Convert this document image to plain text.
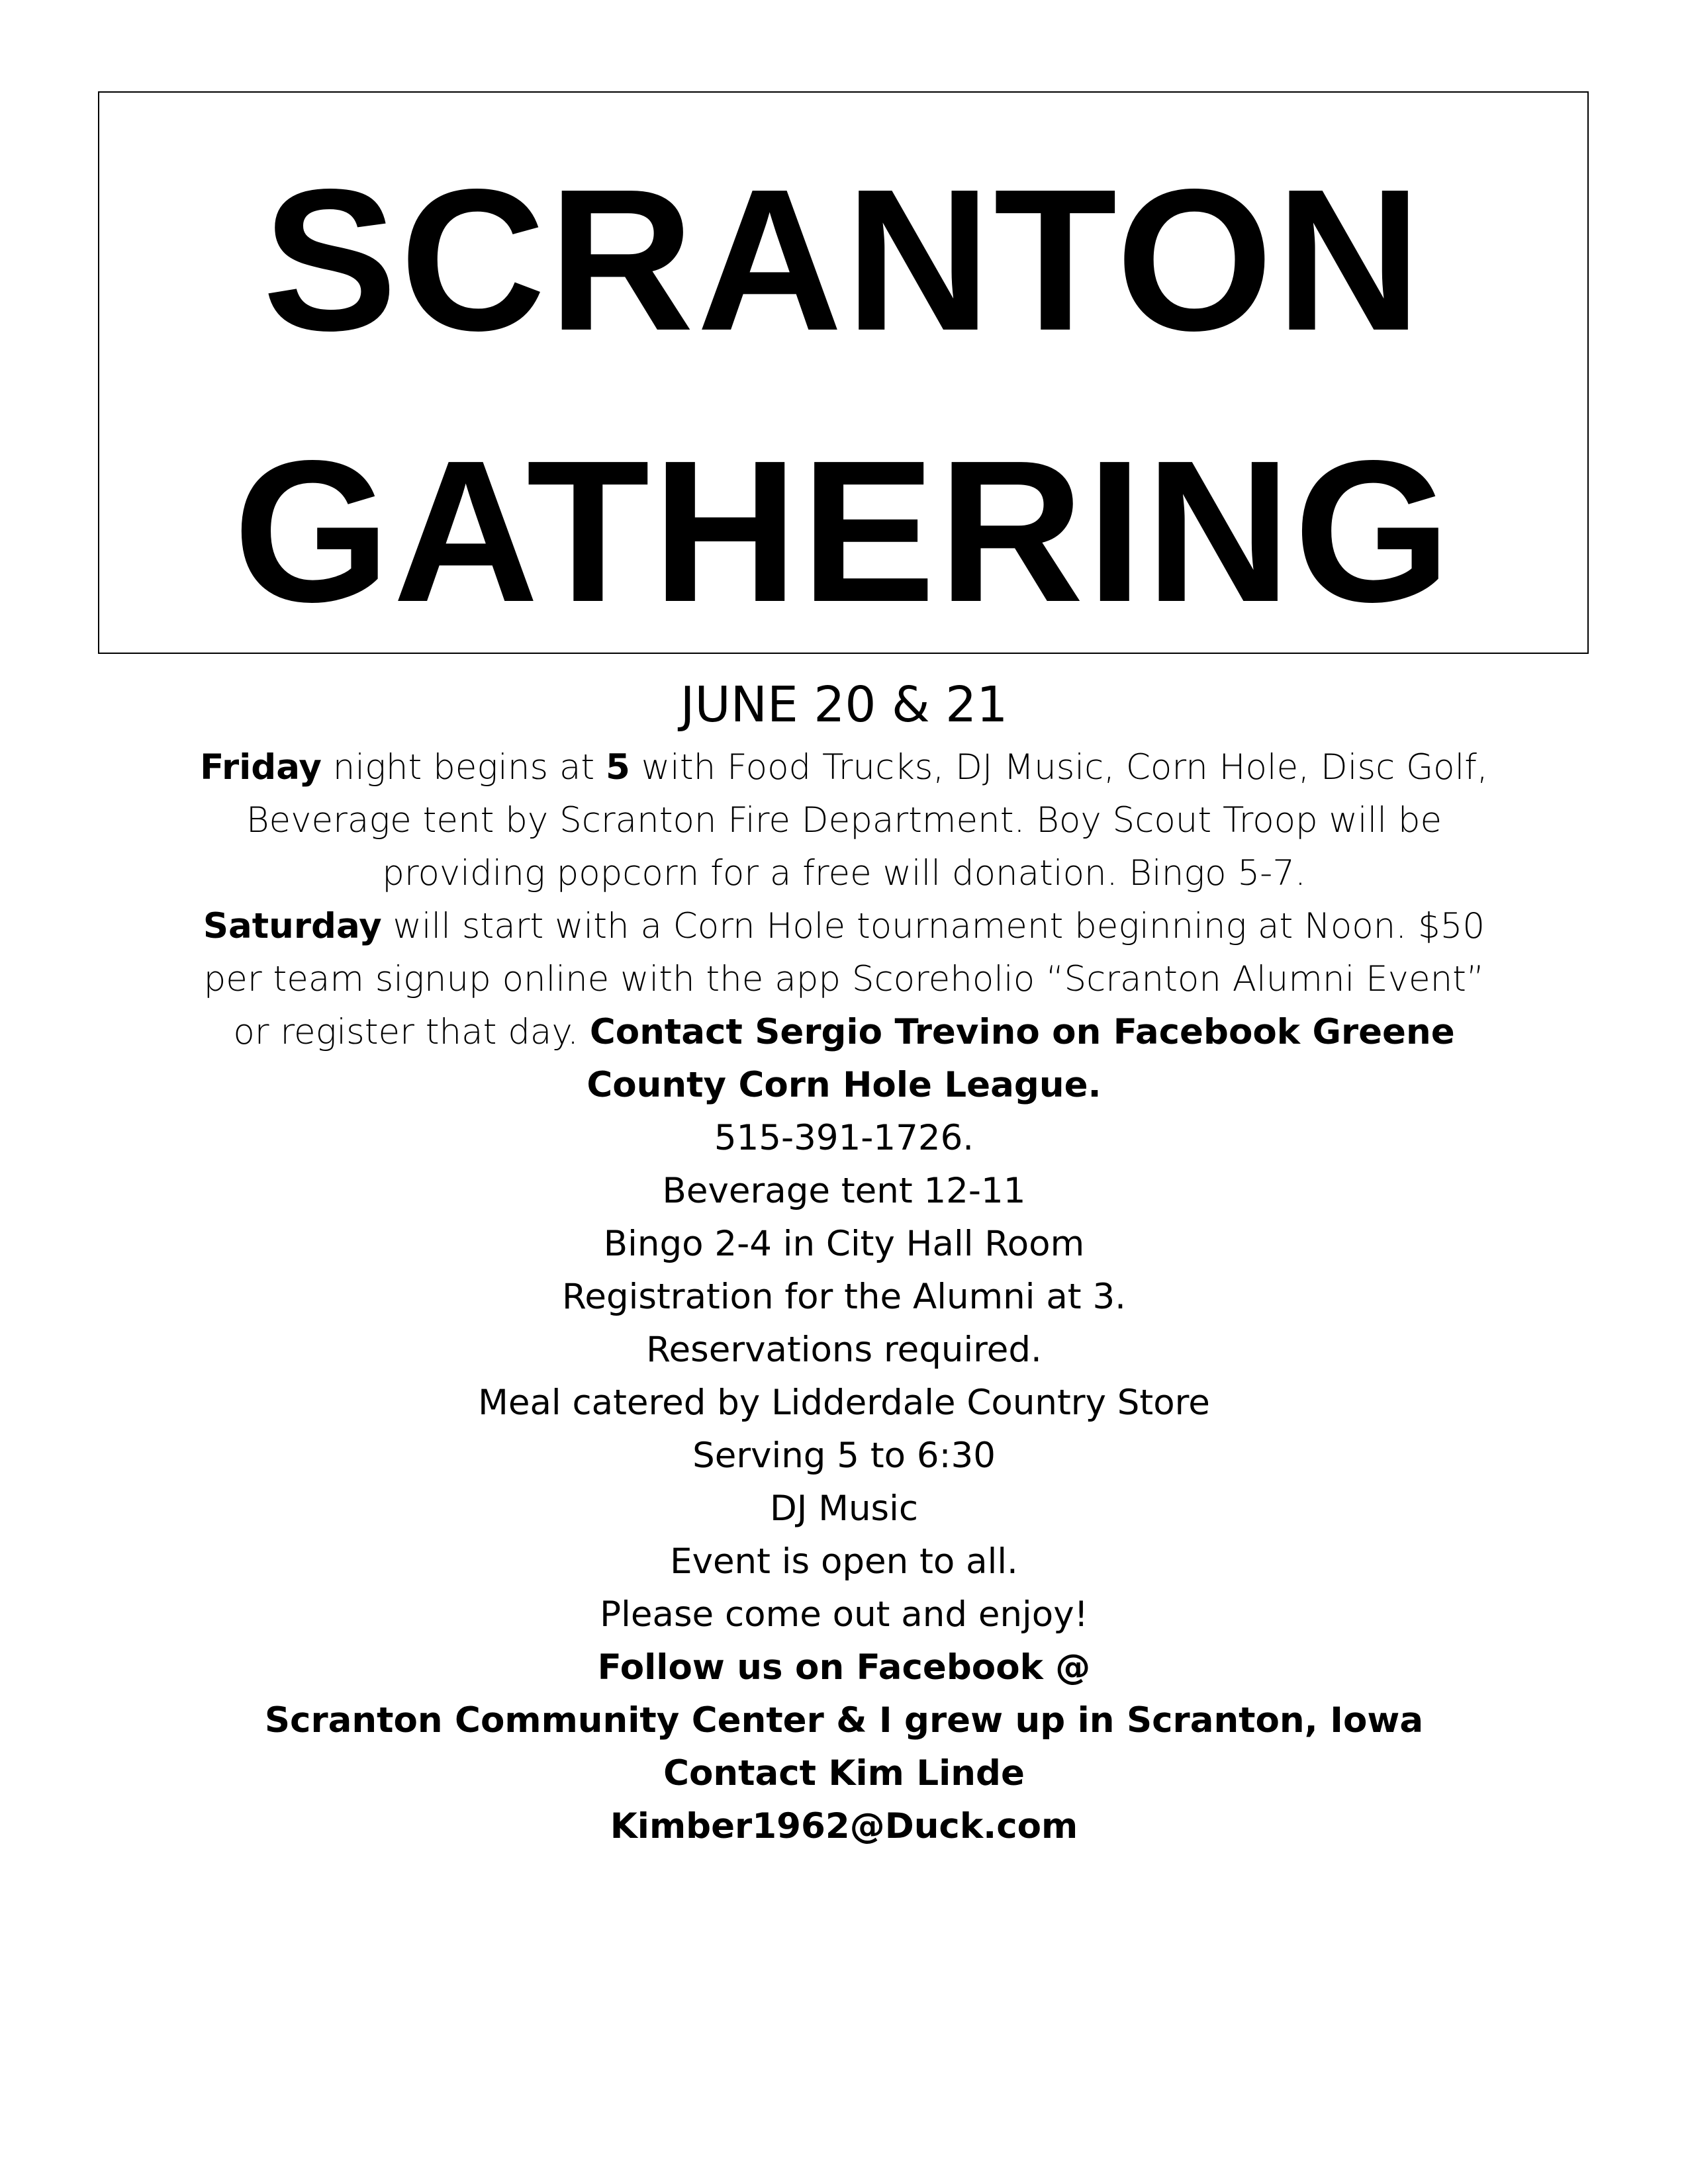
SCRANTON
GATHERING

JUNE 20 & 21

Friday night begins at 5 with Food Trucks, DJ Music, Corn Hole, Disc Golf, Beverage tent by Scranton Fire Department. Boy Scout Troop will be providing popcorn for a free will donation. Bingo 5-7.

Saturday will start with a Corn Hole tournament beginning at Noon. $50 per team signup online with the app Scoreholio “Scranton Alumni Event” or register that day. Contact Sergio Trevino on Facebook Greene County Corn Hole League.

515-391-1726.

Beverage tent 12-11

Bingo 2-4 in City Hall Room

Registration for the Alumni at 3.

Reservations required.

Meal catered by Lidderdale Country Store

Serving 5 to 6:30

DJ Music

Event is open to all.

Please come out and enjoy!

Follow us on Facebook @

Scranton Community Center & I grew up in Scranton, Iowa

Contact Kim Linde

Kimber1962@Duck.com
